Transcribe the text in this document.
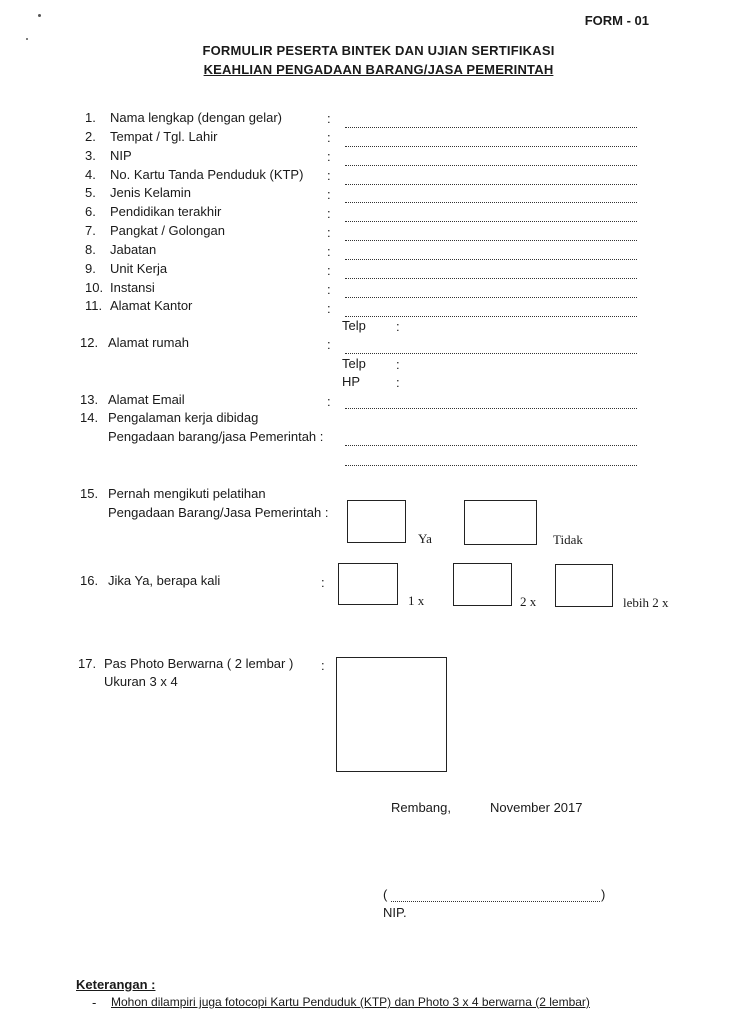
FORM - 01
FORMULIR PESERTA BINTEK DAN UJIAN SERTIFIKASI
KEAHLIAN PENGADAAN BARANG/JASA PEMERINTAH
1. Nama lengkap (dengan gelar)	:
2. Tempat / Tgl. Lahir	:
3. NIP	:
4. No. Kartu Tanda Penduduk (KTP) :
5. Jenis Kelamin	:
6. Pendidikan terakhir	:
7. Pangkat / Golongan	:
8. Jabatan	:
9. Unit Kerja	:
10. Instansi	:
11. Alamat Kantor	:
Telp :
12. Alamat rumah	:
Telp :
HP	:
13. Alamat Email	:
14. Pengalaman kerja dibidag
Pengadaan barang/jasa Pemerintah :
15. Pernah mengikuti pelatihan
Pengadaan Barang/Jasa Pemerintah :
Ya	Tidak
16. Jika Ya, berapa kali	:
1 x	2 x	lebih 2 x
17. Pas Photo Berwarna ( 2 lembar ) :
Ukuran 3 x 4
Rembang,	November 2017
(	)
NIP.
Keterangan :
- Mohon dilampiri juga fotocopi Kartu Penduduk (KTP) dan Photo 3 x 4 berwarna (2 lembar)
